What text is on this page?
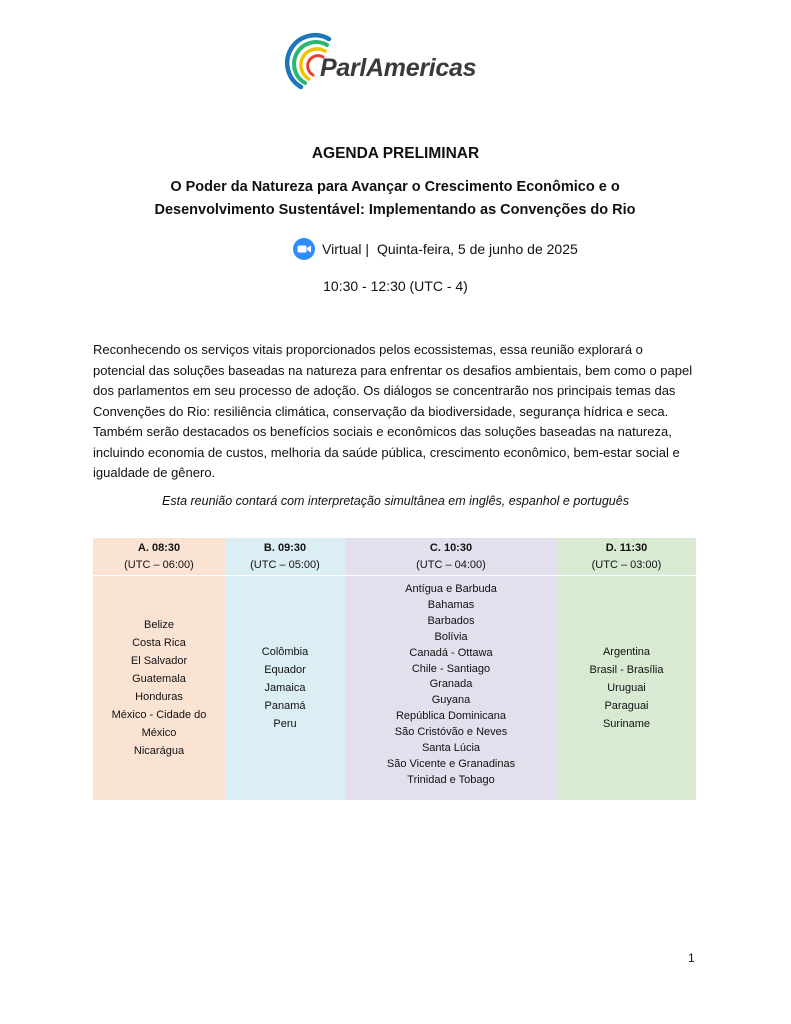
ParlAmericas
AGENDA PRELIMINAR
O Poder da Natureza para Avançar o Crescimento Econômico e o
Desenvolvimento Sustentável: Implementando as Convenções do Rio
Virtual | Quinta-feira, 5 de junho de 2025
10:30 - 12:30 (UTC - 4)
Reconhecendo os serviços vitais proporcionados pelos ecossistemas, essa reunião explorará o potencial das soluções baseadas na natureza para enfrentar os desafios ambientais, bem como o papel dos parlamentos em seu processo de adoção. Os diálogos se concentrarão nos principais temas das Convenções do Rio: resiliência climática, conservação da biodiversidade, segurança hídrica e seca. Também serão destacados os benefícios sociais e econômicos das soluções baseadas na natureza, incluindo economia de custos, melhoria da saúde pública, crescimento econômico, bem-estar social e igualdade de gênero.
Esta reunião contará com interpretação simultânea em inglês, espanhol e português
A. 08:30
(UTC – 06:00)
Belize
Costa Rica
El Salvador
Guatemala
Honduras
México - Cidade do
México
Nicarágua
B. 09:30
(UTC – 05:00)
Colômbia
Equador
Jamaica
Panamá
Peru
C. 10:30
(UTC – 04:00)
Antígua e Barbuda
Bahamas
Barbados
Bolívia
Canadá - Ottawa
Chile - Santiago
Granada
Guyana
República Dominicana
São Cristóvão e Neves
Santa Lúcia
São Vicente e Granadinas
Trinidad e Tobago
D. 11:30
(UTC – 03:00)
Argentina
Brasil - Brasília
Uruguai
Paraguai
Suriname
1
